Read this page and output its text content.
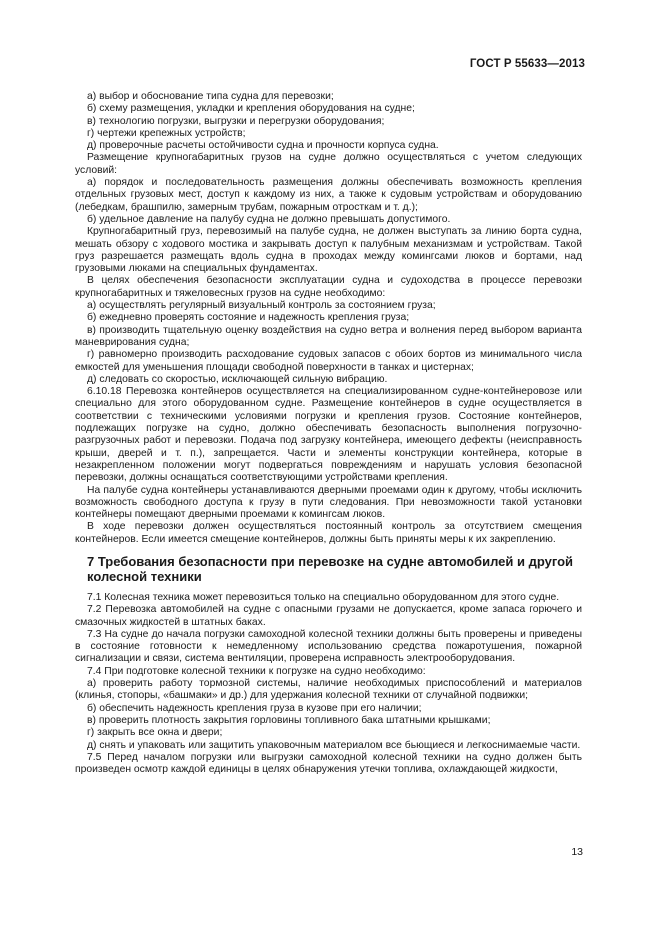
ГОСТ Р 55633—2013

а) выбор и обоснование типа судна для перевозки;

б) схему размещения, укладки и крепления оборудования на судне;

в) технологию погрузки, выгрузки и перегрузки оборудования;

г) чертежи крепежных устройств;

д) проверочные расчеты остойчивости судна и прочности корпуса судна.

Размещение крупногабаритных грузов на судне должно осуществляться с учетом следующих условий:

а) порядок и последовательность размещения должны обеспечивать возможность крепления отдельных грузовых мест, доступ к каждому из них, а также к судовым устройствам и оборудованию (лебедкам, брашпилю, замерным трубам, пожарным отросткам и т. д.);

б) удельное давление на палубу судна не должно превышать допустимого.

Крупногабаритный груз, перевозимый на палубе судна, не должен выступать за линию борта судна, мешать обзору с ходового мостика и закрывать доступ к палубным механизмам и устройствам. Такой груз разрешается размещать вдоль судна в проходах между комингсами люков и бортами, над грузовыми люками на специальных фундаментах.

В целях обеспечения безопасности эксплуатации судна и судоходства в процессе перевозки крупногабаритных и тяжеловесных грузов на судне необходимо:

а) осуществлять регулярный визуальный контроль за состоянием груза;

б) ежедневно проверять состояние и надежность крепления груза;

в) производить тщательную оценку воздействия на судно ветра и волнения перед выбором варианта маневрирования судна;

г) равномерно производить расходование судовых запасов с обоих бортов из минимального числа емкостей для уменьшения площади свободной поверхности в танках и цистернах;

д) следовать со скоростью, исключающей сильную вибрацию.

6.10.18 Перевозка контейнеров осуществляется на специализированном судне-контейнеровозе или специально для этого оборудованном судне. Размещение контейнеров в судне осуществляется в соответствии с техническими условиями погрузки и крепления грузов. Состояние контейнеров, подлежащих погрузке на судно, должно обеспечивать безопасность выполнения погрузочно-разгрузочных работ и перевозки. Подача под загрузку контейнера, имеющего дефекты (неисправность крыши, дверей и т. п.), запрещается. Части и элементы конструкции контейнера, которые в незакрепленном положении могут подвергаться повреждениям и нарушать условия безопасной перевозки, должны оснащаться соответствующими устройствами крепления.

На палубе судна контейнеры устанавливаются дверными проемами один к другому, чтобы исключить возможность свободного доступа к грузу в пути следования. При невозможности такой установки контейнеры помещают дверными проемами к комингсам люков.

В ходе перевозки должен осуществляться постоянный контроль за отсутствием смещения контейнеров. Если имеется смещение контейнеров, должны быть приняты меры к их закреплению.

7 Требования безопасности при перевозке на судне автомобилей и другой колесной техники

7.1 Колесная техника может перевозиться только на специально оборудованном для этого судне.

7.2 Перевозка автомобилей на судне с опасными грузами не допускается, кроме запаса горючего и смазочных жидкостей в штатных баках.

7.3 На судне до начала погрузки самоходной колесной техники должны быть проверены и приведены в состояние готовности к немедленному использованию средства пожаротушения, пожарной сигнализации и связи, система вентиляции, проверена исправность электрооборудования.

7.4 При подготовке колесной техники к погрузке на судно необходимо:

а) проверить работу тормозной системы, наличие необходимых приспособлений и материалов (клинья, стопоры, «башмаки» и др.) для удержания колесной техники от случайной подвижки;

б) обеспечить надежность крепления груза в кузове при его наличии;

в) проверить плотность закрытия горловины топливного бака штатными крышками;

г) закрыть все окна и двери;

д) снять и упаковать или защитить упаковочным материалом все бьющиеся и легкоснимаемые части.

7.5 Перед началом погрузки или выгрузки самоходной колесной техники на судно должен быть произведен осмотр каждой единицы в целях обнаружения утечки топлива, охлаждающей жидкости,

13
